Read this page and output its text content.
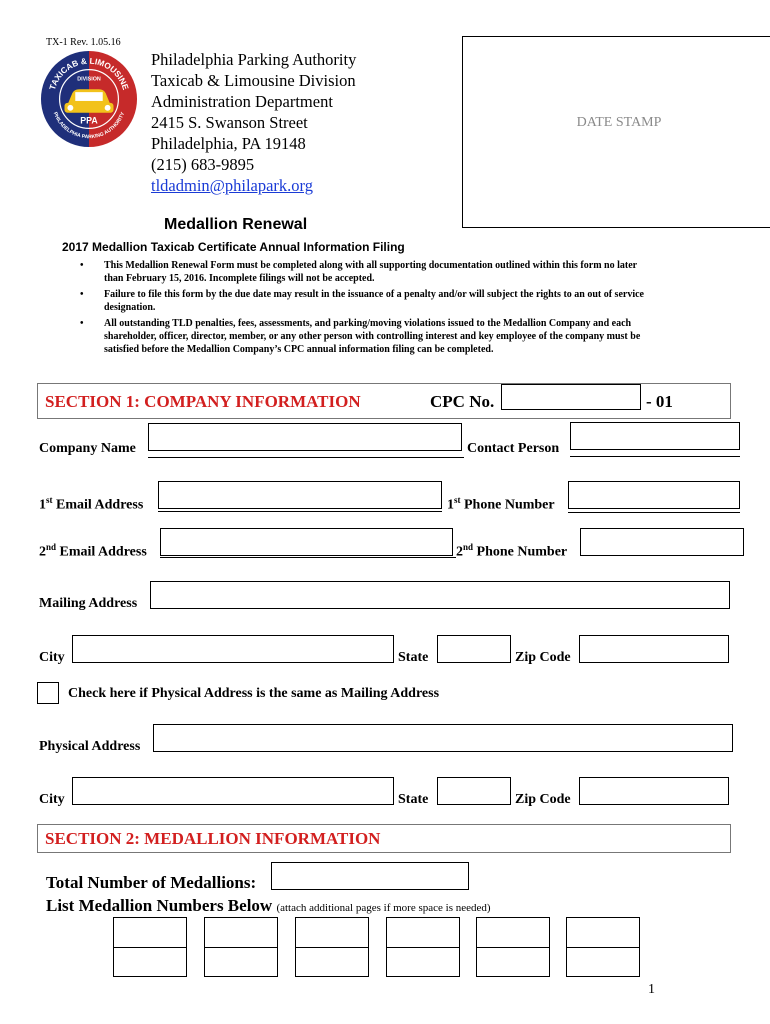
TX-1 Rev. 1.05.16
TAXICAB & LIMOUSINE
DIVISION
PPA
PHILADELPHIA PARKING AUTHORITY
Philadelphia Parking Authority
Taxicab & Limousine Division
Administration Department
2415 S. Swanson Street
Philadelphia, PA 19148
(215) 683-9895
tldadmin@philapark.org
DATE STAMP
Medallion Renewal
2017 Medallion Taxicab Certificate Annual Information Filing
• This Medallion Renewal Form must be completed along with all supporting documentation outlined within this form no later than February 15, 2016. Incomplete filings will not be accepted.
• Failure to file this form by the due date may result in the issuance of a penalty and/or will subject the rights to an out of service designation.
• All outstanding TLD penalties, fees, assessments, and parking/moving violations issued to the Medallion Company and each shareholder, officer, director, member, or any other person with controlling interest and key employee of the company must be satisfied before the Medallion Company’s CPC annual information filing can be completed.
SECTION 1: COMPANY INFORMATION	CPC No.	- 01
Company Name	Contact Person
1st Email Address	1st Phone Number
2nd Email Address	2nd Phone Number
Mailing Address
City	State	Zip Code
Check here if Physical Address is the same as Mailing Address
Physical Address
City	State	Zip Code
SECTION 2: MEDALLION INFORMATION
Total Number of Medallions:
List Medallion Numbers Below (attach additional pages if more space is needed)
1
